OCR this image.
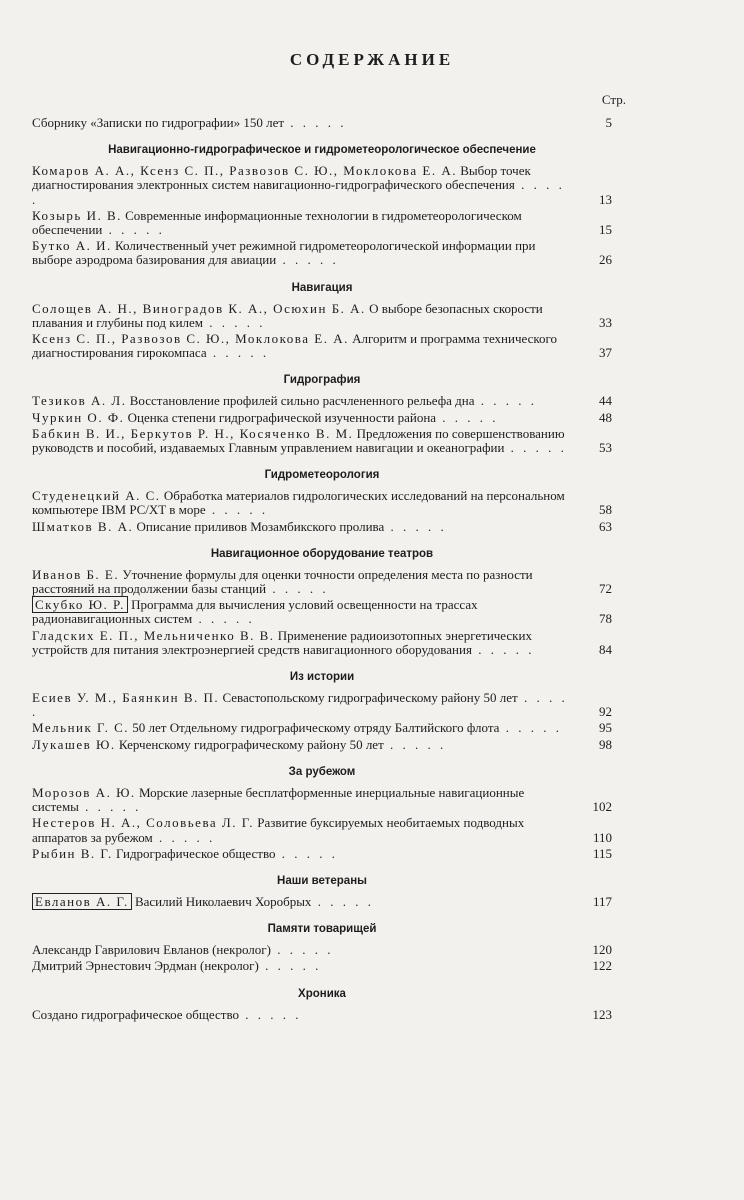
СОДЕРЖАНИЕ
Стр.
Сборнику «Записки по гидрографии» 150 лет . . . . .	5
Навигационно-гидрографическое и гидрометеорологическое обеспечение
Комаров А. А., Ксенз С. П., Развозов С. Ю., Моклокова Е. А. Выбор точек диагностирования электронных систем навигационно-гидрографического обеспечения . . . . .	13
Козырь И. В. Современные информационные технологии в гидрометеорологическом обеспечении . . . . .	15
Бутко А. И. Количественный учет режимной гидрометеорологической информации при выборе аэродрома базирования для авиации . . . . .	26
Навигация
Солощев А. Н., Виноградов К. А., Осюхин Б. А. О выборе безопасных скорости плавания и глубины под килем . . . . .	33
Ксенз С. П., Развозов С. Ю., Моклокова Е. А. Алгоритм и программа технического диагностирования гирокомпаса . . . . .	37
Гидрография
Тезиков А. Л. Восстановление профилей сильно расчлененного рельефа дна . . . . .	44
Чуркин О. Ф. Оценка степени гидрографической изученности района . . . . .	48
Бабкин В. И., Беркутов Р. Н., Косяченко В. М. Предложения по совершенствованию руководств и пособий, издаваемых Главным управлением навигации и океанографии . . . . .	53
Гидрометеорология
Студенецкий А. С. Обработка материалов гидрологических исследований на персональном компьютере IBM PC/XT в море . . . . .	58
Шматков В. А. Описание приливов Мозамбикского пролива . . . . .	63
Навигационное оборудование театров
Иванов Б. Е. Уточнение формулы для оценки точности определения места по разности расстояний на продолжении базы станций . . . . .	72
Скубко Ю. Р. Программа для вычисления условий освещенности на трассах радионавигационных систем . . . . .	78
Гладских Е. П., Мельниченко В. В. Применение радиоизотопных энергетических устройств для питания электроэнергией средств навигационного оборудования . . . . .	84
Из истории
Есиев У. М., Баянкин В. П. Севастопольскому гидрографическому району 50 лет . . . . .	92
Мельник Г. С. 50 лет Отдельному гидрографическому отряду Балтийского флота . . . . .	95
Лукашев Ю. Керченскому гидрографическому району 50 лет . . . . .	98
За рубежом
Морозов А. Ю. Морские лазерные бесплатформенные инерциальные навигационные системы . . . . .	102
Нестеров Н. А., Соловьева Л. Г. Развитие буксируемых необитаемых подводных аппаратов за рубежом . . . . .	110
Рыбин В. Г. Гидрографическое общество . . . . .	115
Наши ветераны
Евланов А. Г. Василий Николаевич Хоробрых . . . . .	117
Памяти товарищей
Александр Гаврилович Евланов (некролог) . . . . .	120
Дмитрий Эрнестович Эрдман (некролог) . . . . .	122
Хроника
Создано гидрографическое общество . . . . .	123
